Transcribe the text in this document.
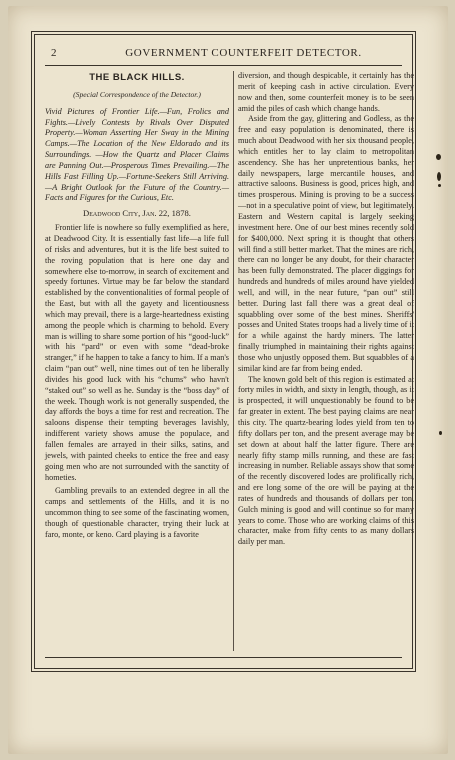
2	GOVERNMENT COUNTERFEIT DETECTOR.
THE BLACK HILLS.
(Special Correspondence of the Detector.)

Vivid Pictures of Frontier Life.—Fun, Frolics and Fights.—Lively Contests by Rivals Over Disputed Property.—Woman Asserting Her Sway in the Mining Camps.—The Location of the New Eldorado and its Surroundings. —How the Quartz and Placer Claims are Panning Out.—Prosperous Times Prevailing.—The Hills Fast Filling Up.—Fortune-Seekers Still Arriving.—A Bright Outlook for the Future of the Country.—Facts and Figures for the Curious, Etc.

Deadwood City, Jan. 22, 1878.

Frontier life is nowhere so fully exemplified as here, at Deadwood City. It is essentially fast life—a life full of risks and adventures, but it is the life best suited to the roving population that is here one day and somewhere else to-morrow, in search of excitement and speedy fortunes. Virtue may be far below the standard established by the conventionalities of formal people of the East, but with all the gayety and licentiousness which may prevail, there is a large-heartedness existing among the people which is charming to behold. Every man is willing to share some portion of his “good-luck” with his “pard” or even with some “dead-broke stranger,” if he happen to take a fancy to him. If a man's claim “pan out” well, nine times out of ten he liberally divides his good luck with his “chums” who havn't “staked out” so well as he. Sunday is the “boss day” of the week. Though work is not generally suspended, the day affords the boys a time for rest and recreation. The saloons dispense their tempting beverages lavishly, indifferent variety shows amuse the populace, and fallen females are arrayed in their silks, satins, and jewels, with painted cheeks to entice the free and easy going men who are not surrounded with the sanctity of hometies.

Gambling prevails to an extended degree in all the camps and settlements of the Hills, and it is no uncommon thing to see some of the fascinating women, though of questionable character, trying their luck at faro, monte, or keno. Card playing is a favorite

diversion, and though despicable, it certainly has the merit of keeping cash in active circulation. Every now and then, some counterfeit money is to be seen amid the piles of cash which change hands.

Aside from the gay, glittering and Godless, as the free and easy population is denominated, there is much about Deadwood with her six thousand people, which entitles her to lay claim to metropolitan ascendency. She has her unpretentious banks, her daily newspapers, large mercantile houses, and attractive saloons. Business is good, prices high, and times prosperous. Mining is proving to be a success—not in a speculative point of view, but legitimately. Eastern and Western capital is largely seeking investment here. One of our best mines recently sold for $400,000. Next spring it is thought that others will find a still better market. That the mines are rich, there can no longer be any doubt, for their character has been fully demonstrated. The placer diggings for hundreds and hundreds of miles around have yielded well, and will, in the near future, “pan out” still better. During last fall there was a great deal of squabbling over some of the best mines. Sheriffs' posses and United States troops had a lively time of it for a while against the hardy miners. The latter finally triumphed in maintaining their rights against those who unjustly opposed them. But squabbles of a similar kind are far from being ended.

The known gold belt of this region is estimated at forty miles in width, and sixty in length, though, as it is prospected, it will unquestionably be found to be far greater in extent. The best paying claims are near this city. The quartz-bearing lodes yield from ten to fifty dollars per ton, and the present average may be set down at about half the latter figure. There are nearly fifty stamp mills running, and these are fast increasing in number. Reliable assays show that some of the recently discovered lodes are prolifically rich, and ere long some of the ore will be paying at the rates of hundreds and thousands of dollars per ton. Gulch mining is good and will continue so for many years to come. Those who are working claims of this character, make from fifty cents to as many dollars daily per man.
